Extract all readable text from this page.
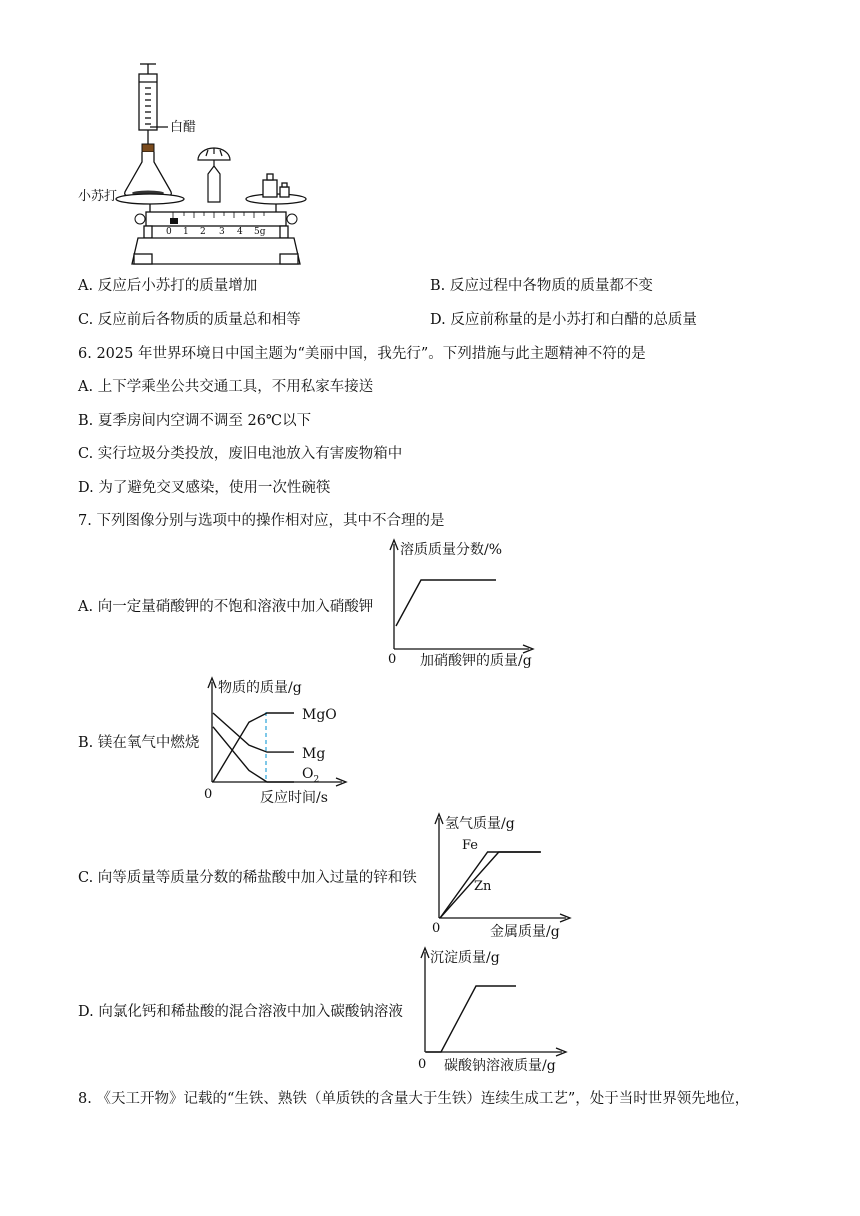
0 1 2 3 4 5g
白醋
小苏打
A. 反应后小苏打的质量增加	B. 反应过程中各物质的质量都不变
C. 反应前后各物质的质量总和相等	D. 反应前称量的是小苏打和白醋的总质量
6. 2025 年世界环境日中国主题为“美丽中国，我先行”。下列措施与此主题精神不符的是
A. 上下学乘坐公共交通工具，不用私家车接送
B. 夏季房间内空调不调至 26℃以下
C. 实行垃圾分类投放，废旧电池放入有害废物箱中
D. 为了避免交叉感染，使用一次性碗筷
7. 下列图像分别与选项中的操作相对应，其中不合理的是
A. 向一定量硝酸钾的不饱和溶液中加入硝酸钾
B. 镁在氧气中燃烧
C. 向等质量等质量分数的稀盐酸中加入过量的锌和铁
D. 向氯化钙和稀盐酸的混合溶液中加入碳酸钠溶液
溶质质量分数/%
0 加硝酸钾的质量/g
物质的质量/g
MgO
Mg
$O_2$
0	反应时间/s
氢气质量/g
Fe
Zn
0	金属质量/g
沉淀质量/g
0 碳酸钠溶液质量/g
8. 《天工开物》记载的“生铁、熟铁（单质铁的含量大于生铁）连续生成工艺”，处于当时世界领先地位，
